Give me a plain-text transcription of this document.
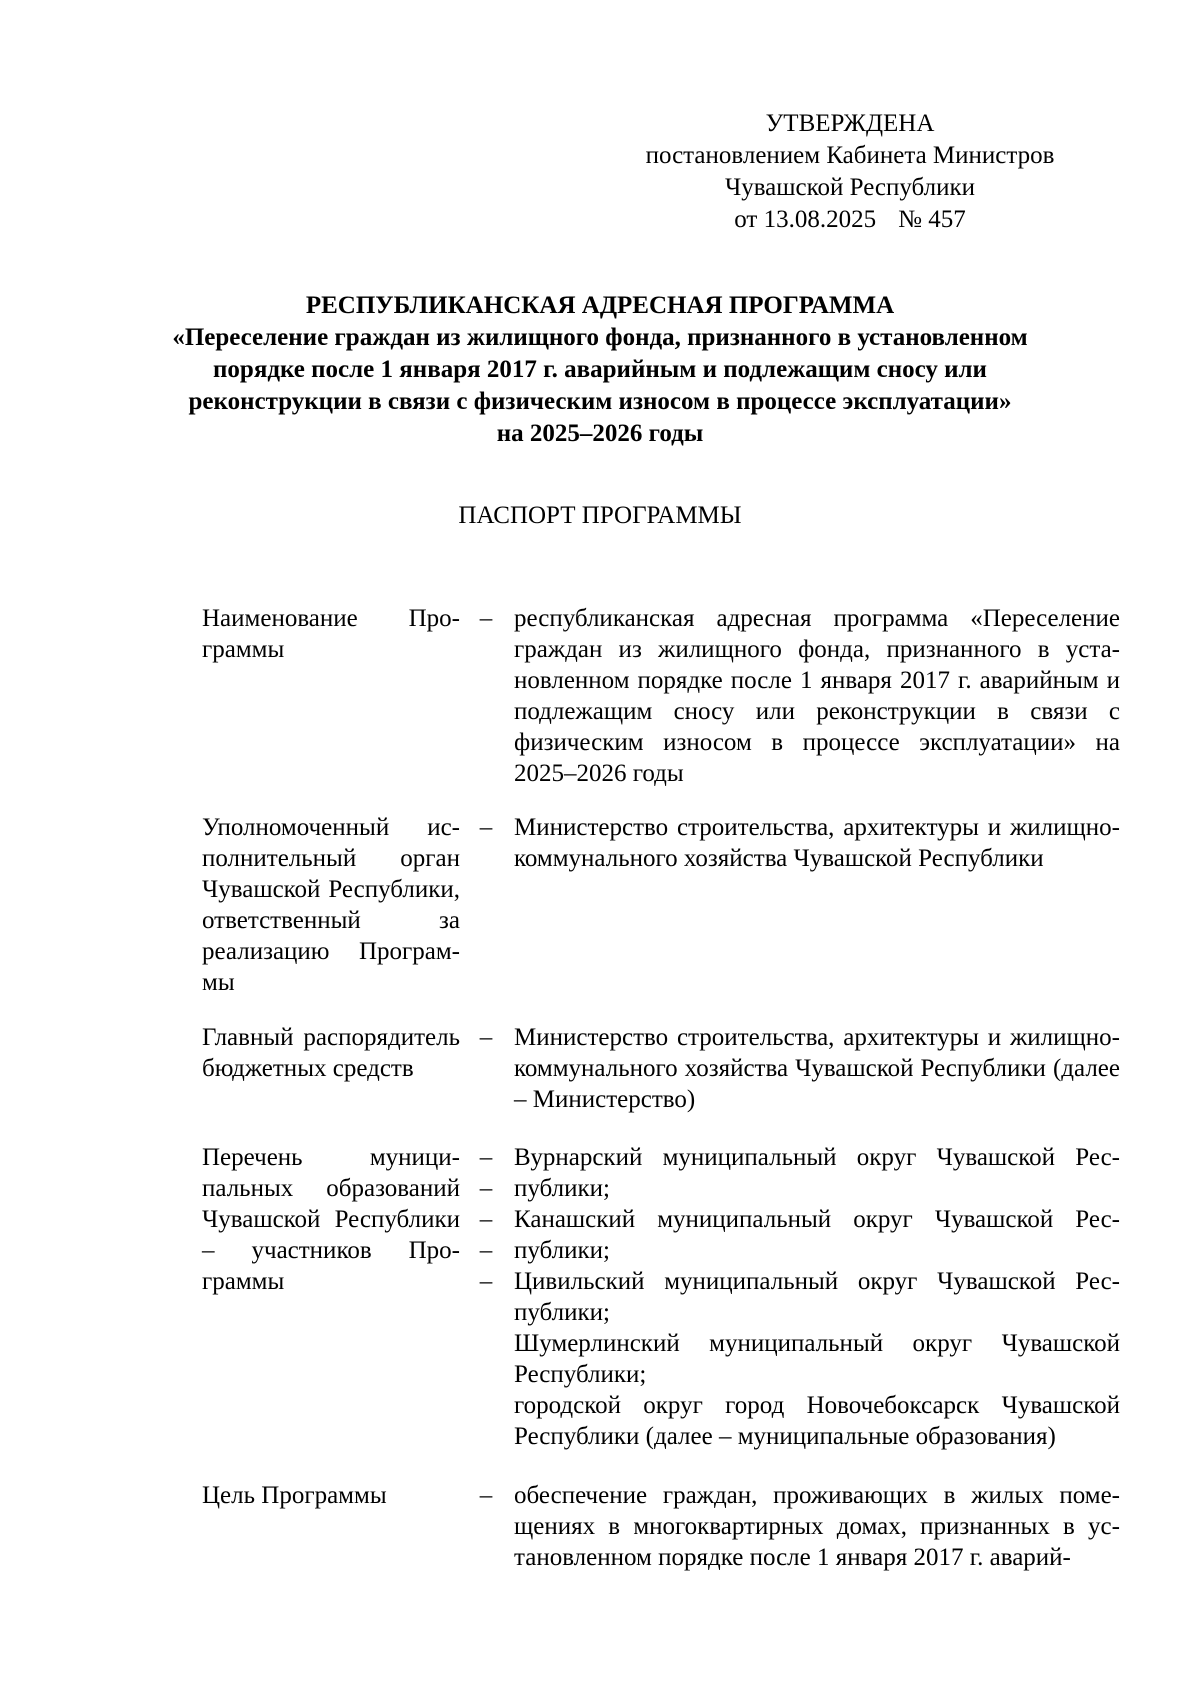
УТВЕРЖДЕНА
постановлением Кабинета Министров
Чувашской Республики
от 13.08.2025 № 457
РЕСПУБЛИКАНСКАЯ АДРЕСНАЯ ПРОГРАММА
«Переселение граждан из жилищного фонда, признанного в установленном
порядке после 1 января 2017 г. аварийным и подлежащим сносу или
реконструкции в связи с физическим износом в процессе эксплуатации»
на 2025–2026 годы
ПАСПОРТ ПРОГРАММЫ
Наименование Программы
– республиканская адресная программа «Переселение граждан из жилищного фонда, признанного в установленном порядке после 1 января 2017 г. аварийным и подлежащим сносу или реконструкции в связи с физическим износом в процессе эксплуатации» на 2025–2026 годы
Уполномоченный исполнительный орган Чувашской Республики, ответственный за реализацию Программы
– Министерство строительства, архитектуры и жилищно-коммунального хозяйства Чувашской Республики
Главный распорядитель бюджетных средств
– Министерство строительства, архитектуры и жилищно-коммунального хозяйства Чувашской Республики (далее – Министерство)
Перечень муниципальных образований Чувашской Республики – участников Программы
–
–
–
–
–

Вурнарский муниципальный округ Чувашской Республики;

Канашский муниципальный округ Чувашской Республики;

Цивильский муниципальный округ Чувашской Республики;

Шумерлинский муниципальный округ Чувашской Республики;

городской округ город Новочебоксарск Чувашской Республики (далее – муниципальные образования)

Цель Программы	– обеспечение граждан, проживающих в жилых помещениях в многоквартирных домах, признанных в установленном порядке после 1 января 2017 г. аварий-
